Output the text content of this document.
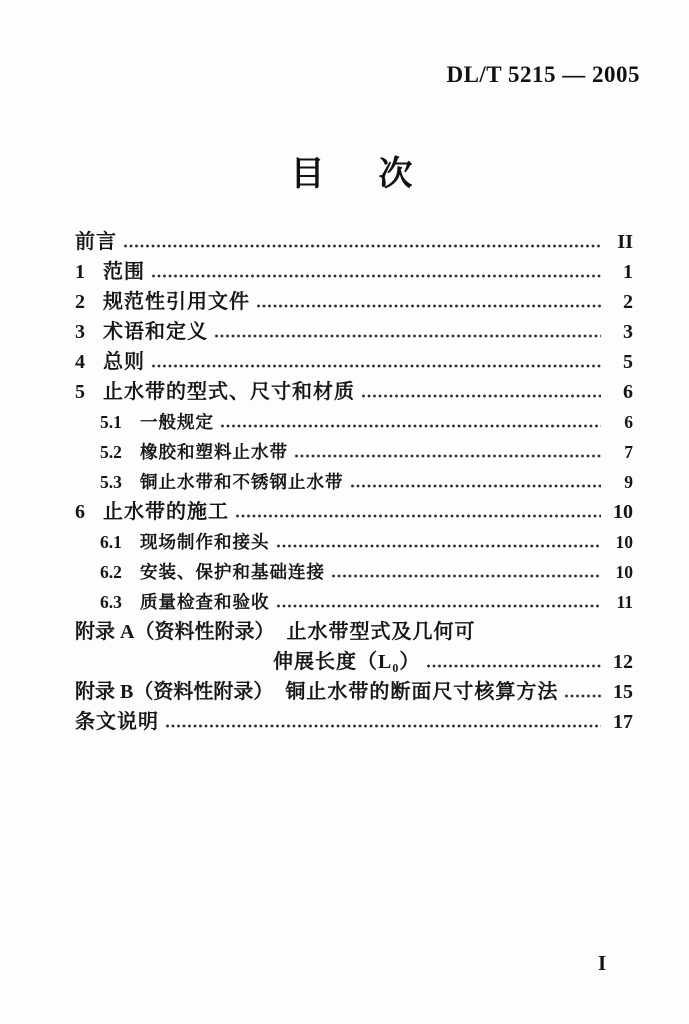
DL/T 5215 — 2005
目 次
前言	II
1 范围	1
2 规范性引用文件	2
3 术语和定义	3
4 总则	5
5 止水带的型式、尺寸和材质	6
5.1	一般规定	6
5.2	橡胶和塑料止水带	7
5.3	铜止水带和不锈钢止水带	9
6 止水带的施工	10
6.1	现场制作和接头	10
6.2	安装、保护和基础连接	10
6.3	质量检查和验收	11
附录 A（资料性附录） 止水带型式及几何可
伸展长度（L₀）	12
附录 B（资料性附录） 铜止水带的断面尺寸核算方法	15
条文说明	17
I
